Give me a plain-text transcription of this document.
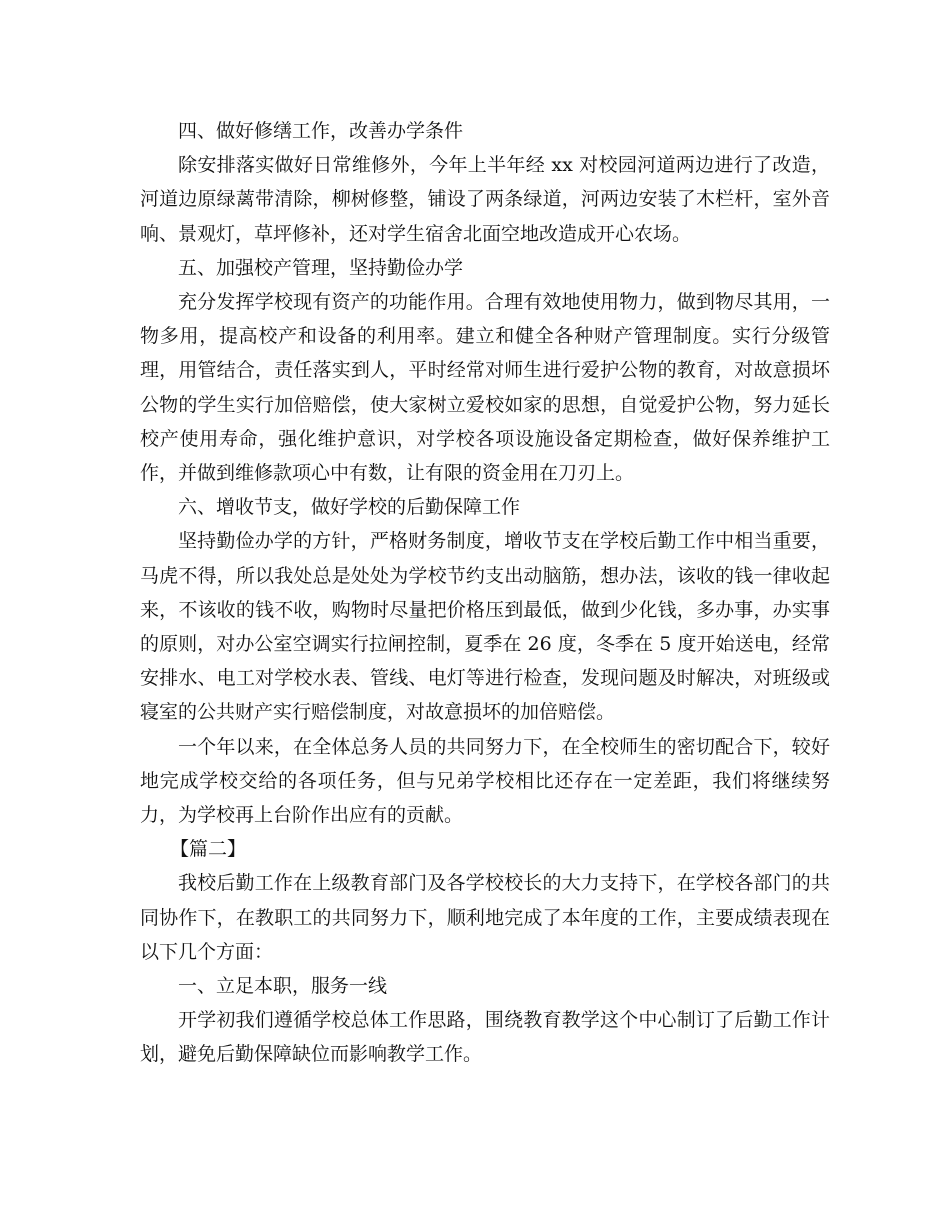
四、做好修缮工作，改善办学条件

除安排落实做好日常维修外，今年上半年经 xx 对校园河道两边进行了改造，河道边原绿蓠带清除，柳树修整，铺设了两条绿道，河两边安装了木栏杆，室外音响、景观灯，草坪修补，还对学生宿舍北面空地改造成开心农场。

五、加强校产管理，坚持勤俭办学

充分发挥学校现有资产的功能作用。合理有效地使用物力，做到物尽其用，一物多用，提高校产和设备的利用率。建立和健全各种财产管理制度。实行分级管理，用管结合，责任落实到人，平时经常对师生进行爱护公物的教育，对故意损坏公物的学生实行加倍赔偿，使大家树立爱校如家的思想，自觉爱护公物，努力延长校产使用寿命，强化维护意识，对学校各项设施设备定期检查，做好保养维护工作，并做到维修款项心中有数，让有限的资金用在刀刃上。

六、增收节支，做好学校的后勤保障工作

坚持勤俭办学的方针，严格财务制度，增收节支在学校后勤工作中相当重要，马虎不得，所以我处总是处处为学校节约支出动脑筋，想办法，该收的钱一律收起来，不该收的钱不收，购物时尽量把价格压到最低，做到少化钱，多办事，办实事的原则，对办公室空调实行拉闸控制，夏季在 26 度，冬季在 5 度开始送电，经常安排水、电工对学校水表、管线、电灯等进行检查，发现问题及时解决，对班级或寝室的公共财产实行赔偿制度，对故意损坏的加倍赔偿。

一个年以来，在全体总务人员的共同努力下，在全校师生的密切配合下，较好地完成学校交给的各项任务，但与兄弟学校相比还存在一定差距，我们将继续努力，为学校再上台阶作出应有的贡献。

【篇二】

我校后勤工作在上级教育部门及各学校校长的大力支持下，在学校各部门的共同协作下，在教职工的共同努力下，顺利地完成了本年度的工作，主要成绩表现在以下几个方面：

一、立足本职，服务一线

开学初我们遵循学校总体工作思路，围绕教育教学这个中心制订了后勤工作计划，避免后勤保障缺位而影响教学工作。
